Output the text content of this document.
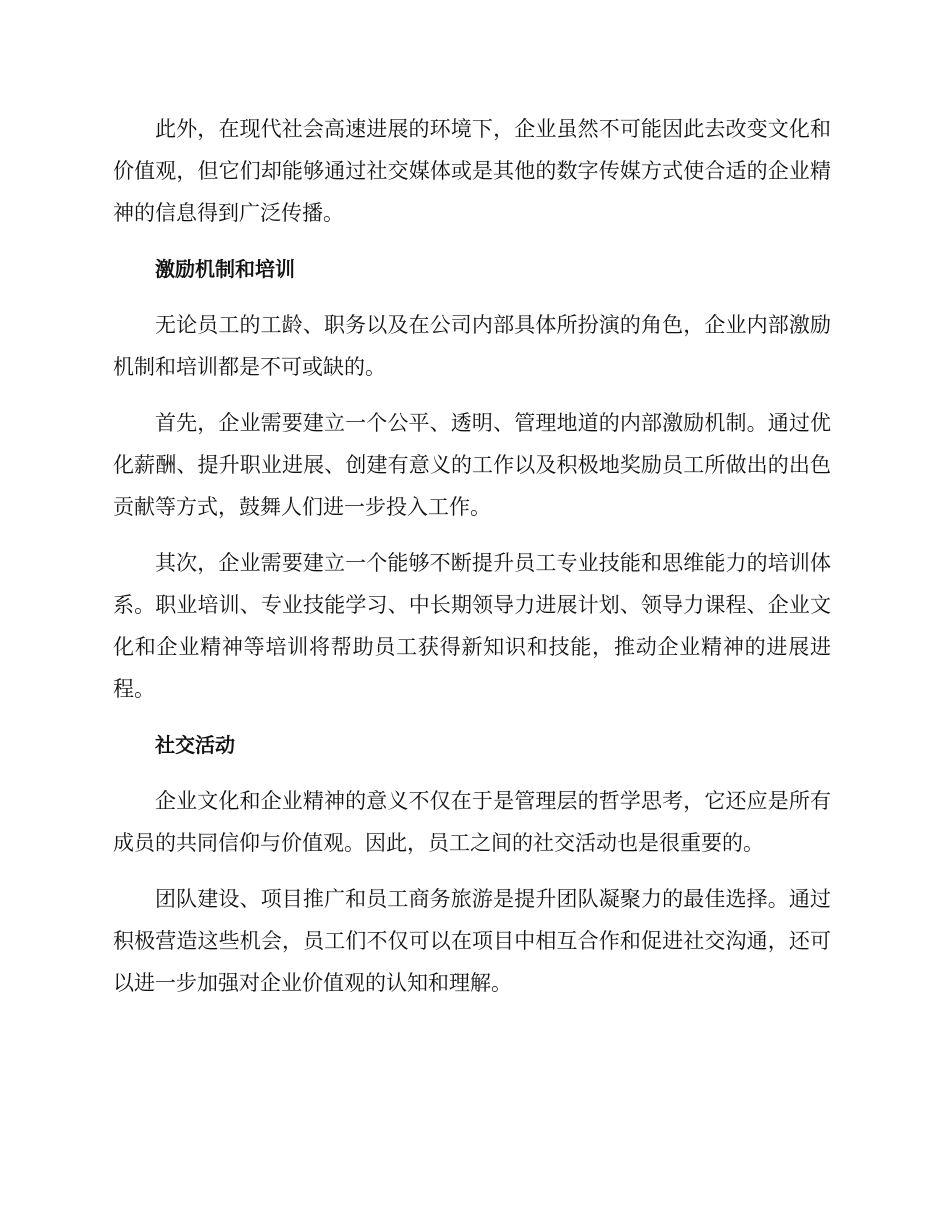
此外，在现代社会高速进展的环境下，企业虽然不可能因此去改变文化和价值观，但它们却能够通过社交媒体或是其他的数字传媒方式使合适的企业精神的信息得到广泛传播。

激励机制和培训

无论员工的工龄、职务以及在公司内部具体所扮演的角色，企业内部激励机制和培训都是不可或缺的。

首先，企业需要建立一个公平、透明、管理地道的内部激励机制。通过优化薪酬、提升职业进展、创建有意义的工作以及积极地奖励员工所做出的出色贡献等方式，鼓舞人们进一步投入工作。

其次，企业需要建立一个能够不断提升员工专业技能和思维能力的培训体系。职业培训、专业技能学习、中长期领导力进展计划、领导力课程、企业文化和企业精神等培训将帮助员工获得新知识和技能，推动企业精神的进展进程。

社交活动

企业文化和企业精神的意义不仅在于是管理层的哲学思考，它还应是所有成员的共同信仰与价值观。因此，员工之间的社交活动也是很重要的。

团队建设、项目推广和员工商务旅游是提升团队凝聚力的最佳选择。通过积极营造这些机会，员工们不仅可以在项目中相互合作和促进社交沟通，还可以进一步加强对企业价值观的认知和理解。
